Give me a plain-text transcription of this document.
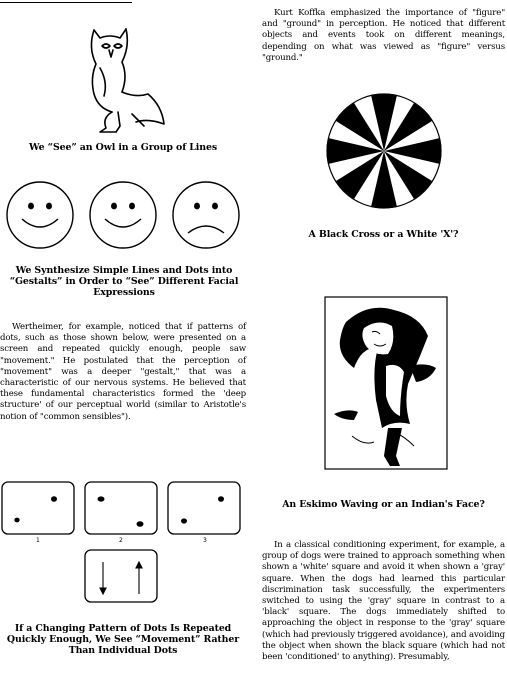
We “See” an Owl in a Group of Lines
We Synthesize Simple Lines and Dots into “Gestalts” in Order to “See” Different Facial Expressions

Wertheimer, for example, noticed that if patterns of dots, such as those shown below, were presented on a screen and repeated quickly enough, people saw "movement." He postulated that the perception of "movement" was a deeper "gestalt," that was a characteristic of our nervous systems. He believed that these fundamental characteristics formed the 'deep structure' of our perceptual world (similar to Aristotle's notion of "common sensibles").

1	2	3
If a Changing Pattern of Dots Is Repeated Quickly Enough, We See “Movement” Rather Than Individual Dots

Kurt Koffka emphasized the importance of "figure" and "ground" in perception. He noticed that different objects and events took on different meanings, depending on what was viewed as "figure" versus "ground."

A Black Cross or a White 'X'?
An Eskimo Waving or an Indian's Face?

In a classical conditioning experiment, for example, a group of dogs were trained to approach something when shown a 'white' square and avoid it when shown a 'gray' square. When the dogs had learned this particular discrimination task successfully, the experimenters switched to using the 'gray' square in contrast to a 'black' square. The dogs immediately shifted to approaching the object in response to the 'gray' square (which had previously triggered avoidance), and avoiding the object when shown the black square (which had not been 'conditioned' to anything). Presumably,
